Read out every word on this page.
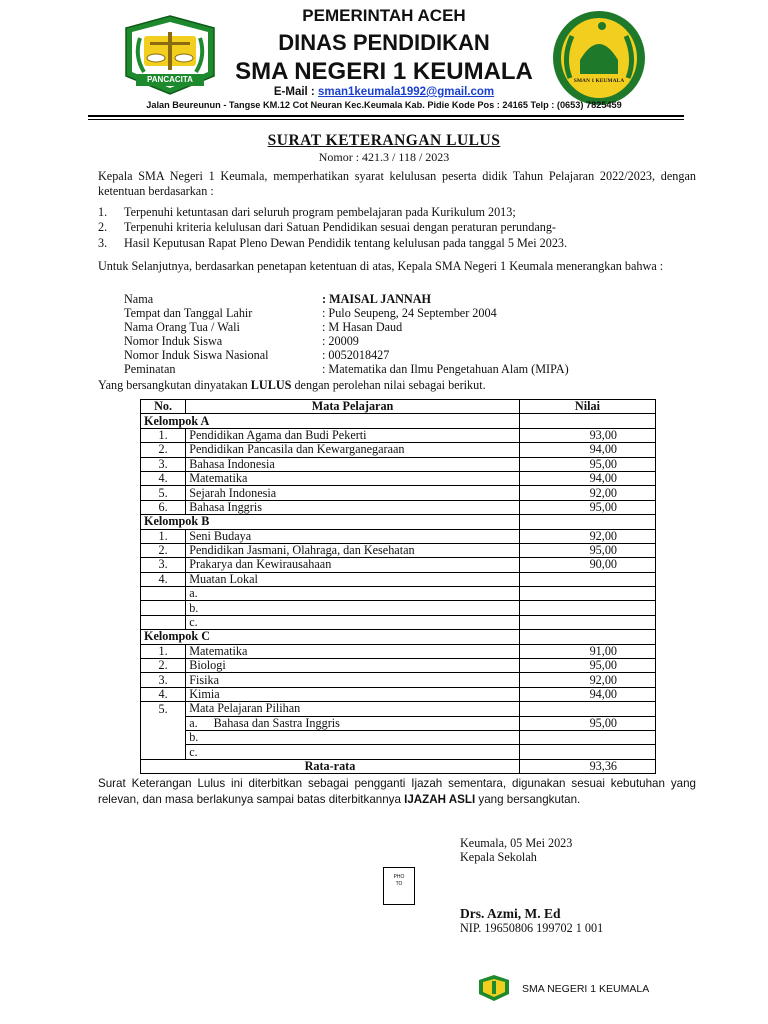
PANCACITA	SMAN 1 KEUMALA
PEMERINTAH ACEH
DINAS PENDIDIKAN
SMA NEGERI 1 KEUMALA
E-Mail : sman1keumala1992@gmail.com
Jalan Beureunun - Tangse KM.12 Cot Neuran Kec.Keumala Kab. Pidie Kode Pos : 24165 Telp : (0653) 7825459
SURAT KETERANGAN LULUS
Nomor : 421.3 / 118 / 2023
Kepala SMA Negeri 1 Keumala, memperhatikan syarat kelulusan peserta didik Tahun Pelajaran 2022/2023, dengan ketentuan berdasarkan :
1. Terpenuhi ketuntasan dari seluruh program pembelajaran pada Kurikulum 2013;
2. Terpenuhi kriteria kelulusan dari Satuan Pendidikan sesuai dengan peraturan perundang-
3. Hasil Keputusan Rapat Pleno Dewan Pendidik tentang kelulusan pada tanggal 5 Mei 2023.
Untuk Selanjutnya, berdasarkan penetapan ketentuan di atas, Kepala SMA Negeri 1 Keumala menerangkan bahwa :
Nama	: MAISAL JANNAH
Tempat dan Tanggal Lahir	: Pulo Seupeng, 24 September 2004
Nama Orang Tua / Wali	: M Hasan Daud
Nomor Induk Siswa	: 20009
Nomor Induk Siswa Nasional	: 0052018427
Peminatan	: Matematika dan Ilmu Pengetahuan Alam (MIPA)
Yang bersangkutan dinyatakan LULUS dengan perolehan nilai sebagai berikut.
No.	Mata Pelajaran	Nilai
Kelompok A		
1.	Pendidikan Agama dan Budi Pekerti	93,00
2.	Pendidikan Pancasila dan Kewarganegaraan	94,00
3.	Bahasa Indonesia	95,00
4.	Matematika	94,00
5.	Sejarah Indonesia	92,00
6.	Bahasa Inggris	95,00
Kelompok B		
1.	Seni Budaya	92,00
2.	Pendidikan Jasmani, Olahraga, dan Kesehatan	95,00
3.	Prakarya dan Kewirausahaan	90,00
4.	Muatan Lokal	
	a.	
	b.	
	c.	
Kelompok C		
1.	Matematika	91,00
2.	Biologi	95,00
3.	Fisika	92,00
4.	Kimia	94,00
5.	Mata Pelajaran Pilihan	
	a. Bahasa dan Sastra Inggris	95,00
	b.	
	c.	
Rata-rata		93,36
Surat Keterangan Lulus ini diterbitkan sebagai pengganti Ijazah sementara, digunakan sesuai kebutuhan yang relevan, dan masa berlakunya sampai batas diterbitkannya IJAZAH ASLI yang bersangkutan.
Keumala, 05 Mei 2023
Kepala Sekolah
PHO TO
Drs. Azmi, M. Ed
NIP. 19650806 199702 1 001
SMA NEGERI 1 KEUMALA
